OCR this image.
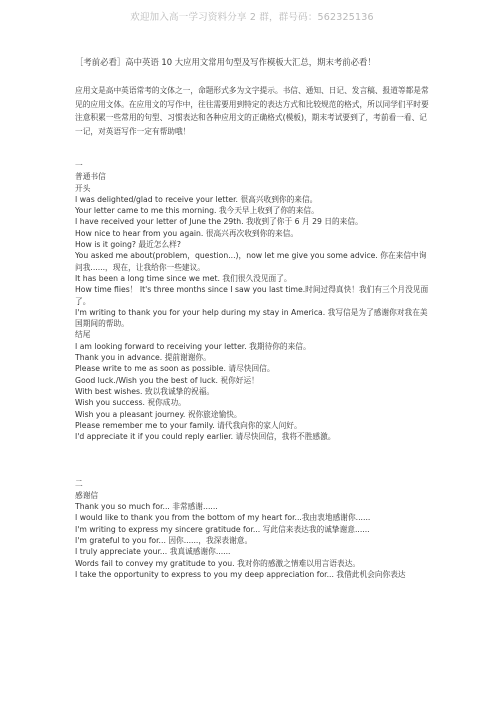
欢迎加入高一学习资料分享 2 群，群号码：562325136

［考前必看］高中英语 10 大应用文常用句型及写作模板大汇总，期末考前必看！

应用文是高中英语常考的文体之一，命题形式多为文字提示。书信、通知、日记、发言稿、报道等都是常见的应用文体。在应用文的写作中，往往需要用到特定的表达方式和比较规范的格式，所以同学们平时要注意积累一些常用的句型、习惯表达和各种应用文的正确格式(模板)，期末考试要到了，考前看一看、记一记，对英语写作一定有帮助哦！

一

普通书信

开头

I was delighted/glad to receive your letter. 很高兴收到你的来信。

Your letter came to me this morning. 我今天早上收到了你的来信。

I have received your letter of June the 29th. 我收到了你于 6 月 29 日的来信。

How nice to hear from you again. 很高兴再次收到你的来信。

How is it going? 最近怎么样?

You asked me about(problem，question...)，now let me give you some advice. 你在来信中询问我......，现在，让我给你一些建议。

It has been a long time since we met. 我们很久没见面了。

How time flies！ It's three months since I saw you last time.时间过得真快！我们有三个月没见面了。

I'm writing to thank you for your help during my stay in America. 我写信是为了感谢你对我在美国期间的帮助。

结尾

I am looking forward to receiving your letter. 我期待你的来信。

Thank you in advance. 提前谢谢你。

Please write to me as soon as possible. 请尽快回信。

Good luck./Wish you the best of luck. 祝你好运！

With best wishes. 致以我诚挚的祝福。

Wish you success. 祝你成功。

Wish you a pleasant journey. 祝你旅途愉快。

Please remember me to your family. 请代我向你的家人问好。

I'd appreciate it if you could reply earlier. 请尽快回信，我将不胜感激。

二

感谢信

Thank you so much for... 非常感谢......

I would like to thank you from the bottom of my heart for...我由衷地感谢你......

I'm writing to express my sincere gratitude for... 写此信来表达我的诚挚谢意......

I'm grateful to you for... 因你......，我深表谢意。

I truly appreciate your... 我真诚感谢你......

Words fail to convey my gratitude to you. 我对你的感激之情难以用言语表达。

I take the opportunity to express to you my deep appreciation for... 我借此机会向你表达
